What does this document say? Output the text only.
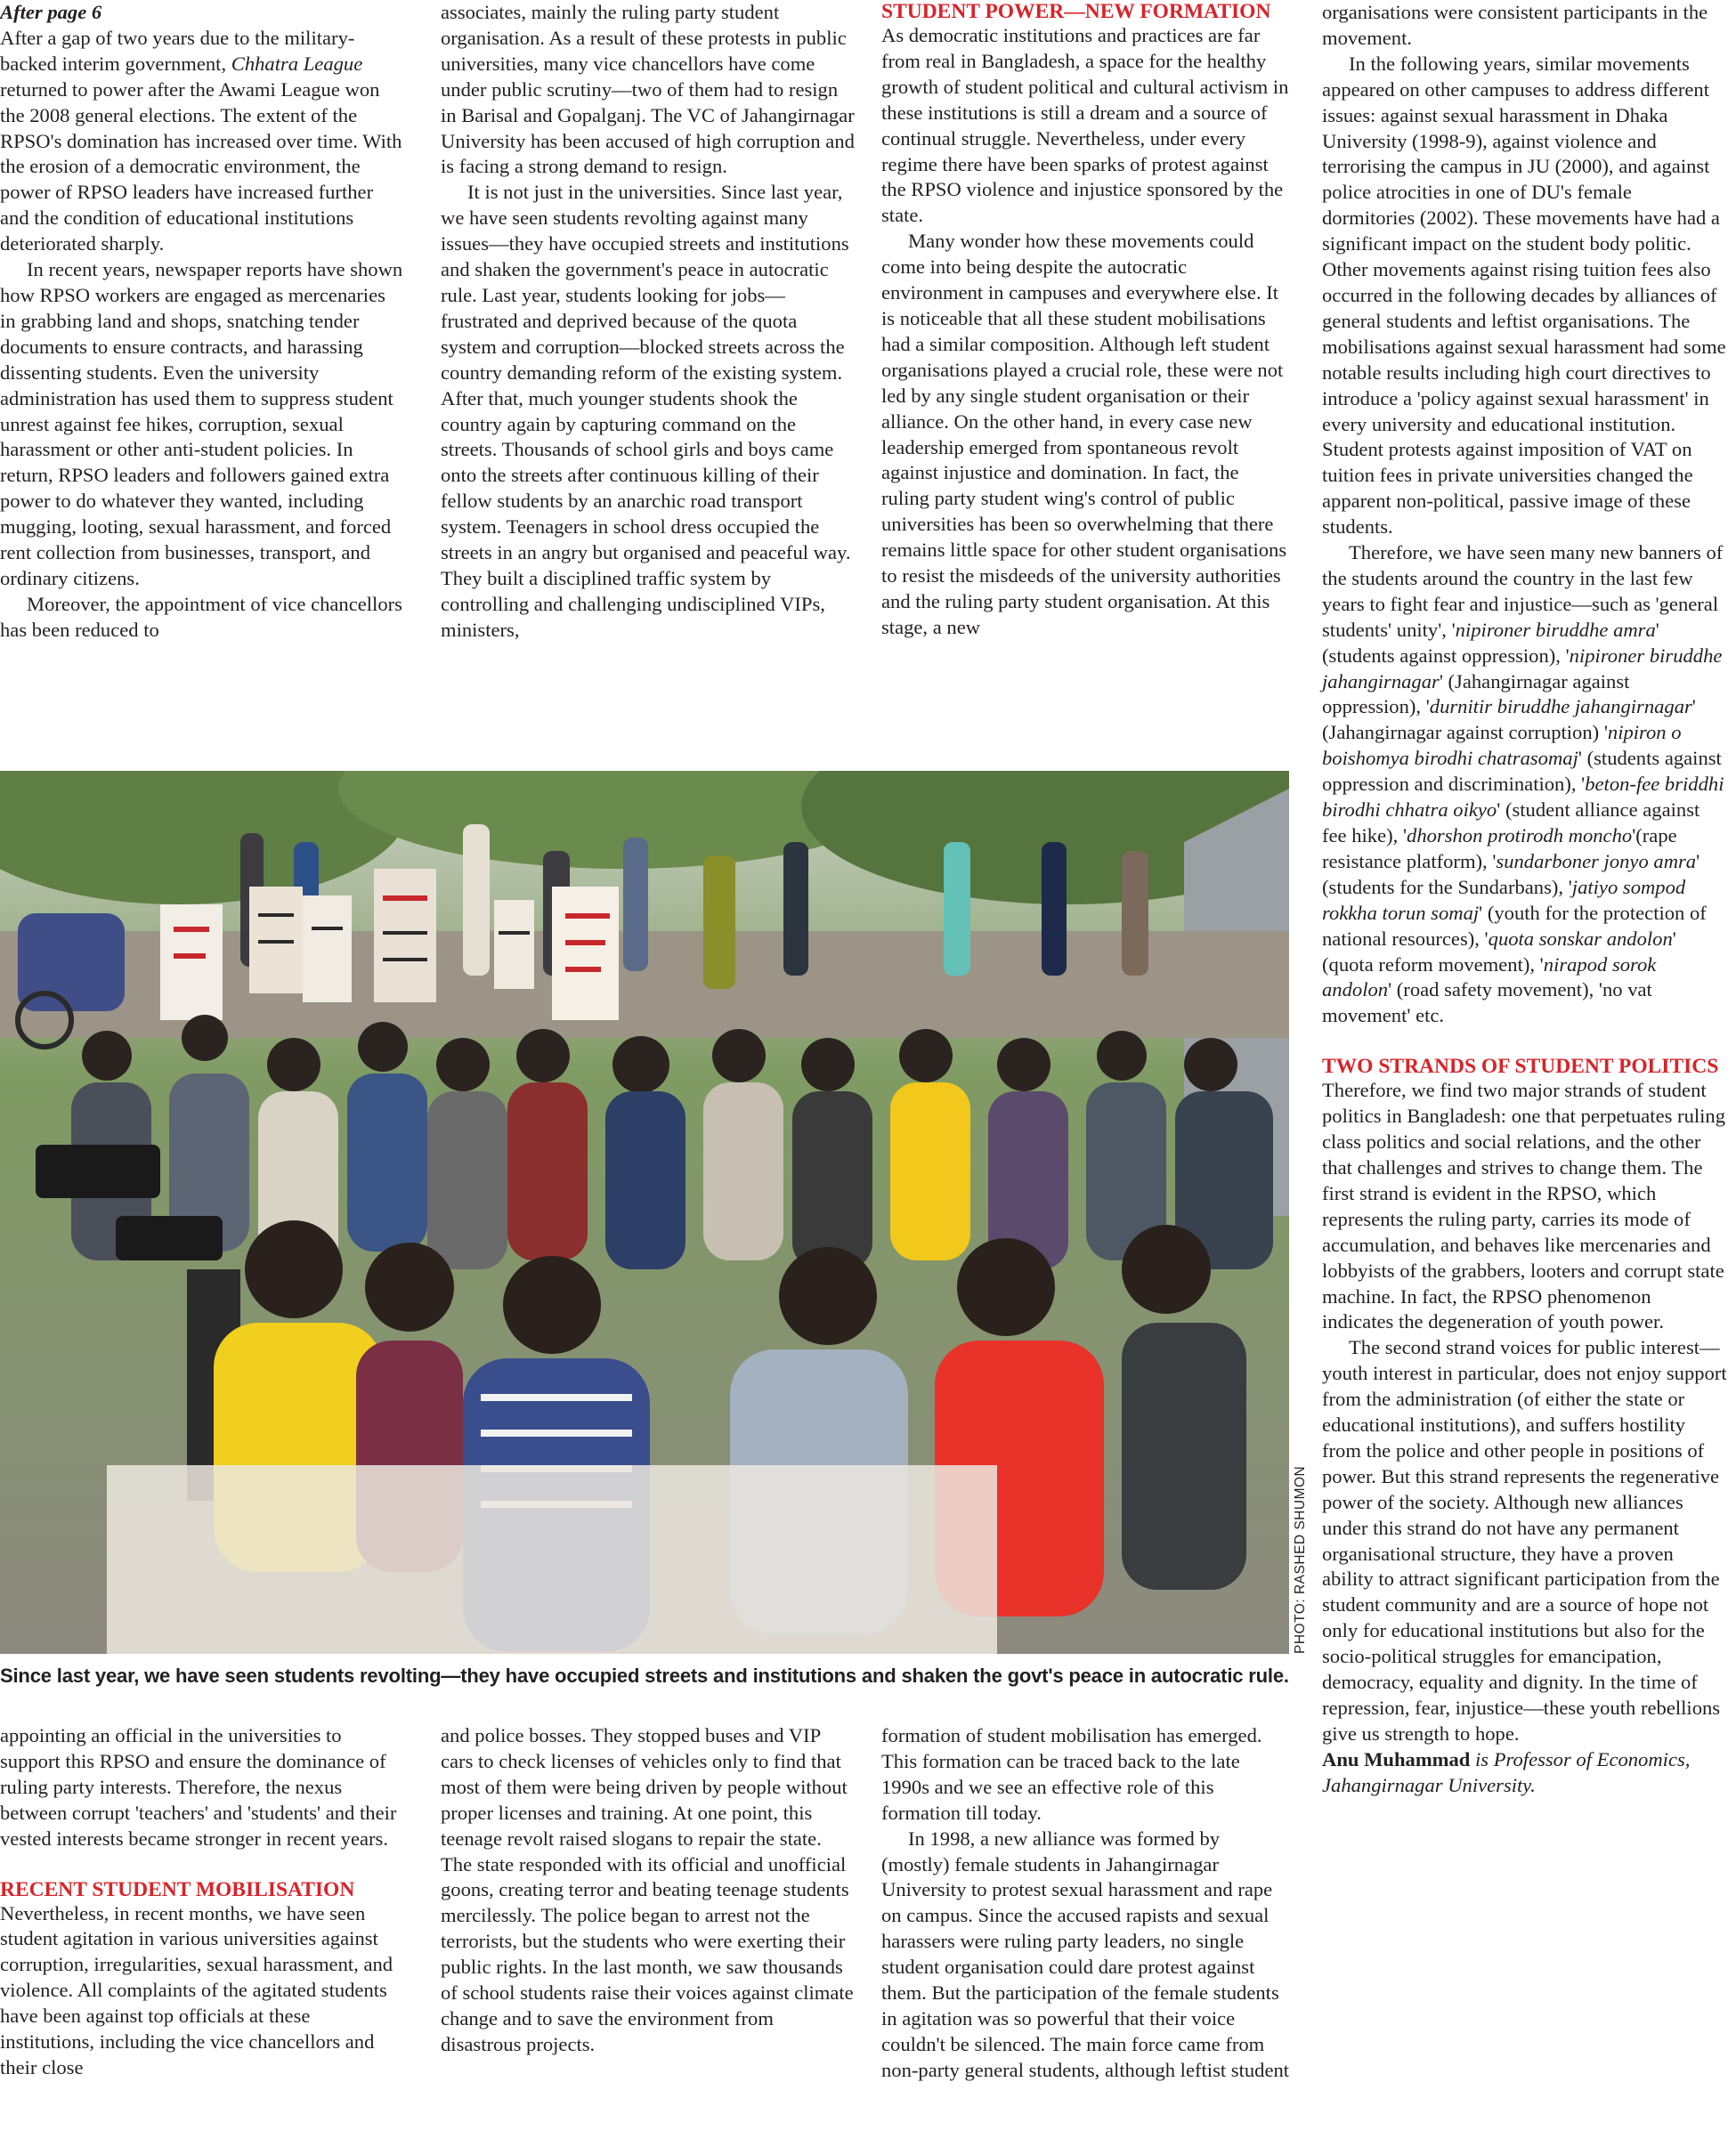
After page 6

After a gap of two years due to the military-backed interim government, Chhatra League returned to power after the Awami League won the 2008 general elections. The extent of the RPSO's domination has increased over time. With the erosion of a democratic environment, the power of RPSO leaders have increased further and the condition of educational institutions deteriorated sharply.

In recent years, newspaper reports have shown how RPSO workers are engaged as mercenaries in grabbing land and shops, snatching tender documents to ensure contracts, and harassing dissenting students. Even the university administration has used them to suppress student unrest against fee hikes, corruption, sexual harassment or other anti-student policies. In return, RPSO leaders and followers gained extra power to do whatever they wanted, including mugging, looting, sexual harassment, and forced rent collection from businesses, transport, and ordinary citizens.

Moreover, the appointment of vice chancellors has been reduced to

associates, mainly the ruling party student organisation. As a result of these protests in public universities, many vice chancellors have come under public scrutiny—two of them had to resign in Barisal and Gopalganj. The VC of Jahangirnagar University has been accused of high corruption and is facing a strong demand to resign.

It is not just in the universities. Since last year, we have seen students revolting against many issues—they have occupied streets and institutions and shaken the government's peace in autocratic rule. Last year, students looking for jobs—frustrated and deprived because of the quota system and corruption—blocked streets across the country demanding reform of the existing system. After that, much younger students shook the country again by capturing command on the streets. Thousands of school girls and boys came onto the streets after continuous killing of their fellow students by an anarchic road transport system. Teenagers in school dress occupied the streets in an angry but organised and peaceful way. They built a disciplined traffic system by controlling and challenging undisciplined VIPs, ministers,

STUDENT POWER—NEW FORMATION

As democratic institutions and practices are far from real in Bangladesh, a space for the healthy growth of student political and cultural activism in these institutions is still a dream and a source of continual struggle. Nevertheless, under every regime there have been sparks of protest against the RPSO violence and injustice sponsored by the state.

Many wonder how these movements could come into being despite the autocratic environment in campuses and everywhere else. It is noticeable that all these student mobilisations had a similar composition. Although left student organisations played a crucial role, these were not led by any single student organisation or their alliance. On the other hand, in every case new leadership emerged from spontaneous revolt against injustice and domination. In fact, the ruling party student wing's control of public universities has been so overwhelming that there remains little space for other student organisations to resist the misdeeds of the university authorities and the ruling party student organisation. At this stage, a new

organisations were consistent participants in the movement.

In the following years, similar movements appeared on other campuses to address different issues: against sexual harassment in Dhaka University (1998-9), against violence and terrorising the campus in JU (2000), and against police atrocities in one of DU's female dormitories (2002). These movements have had a significant impact on the student body politic. Other movements against rising tuition fees also occurred in the following decades by alliances of general students and leftist organisations. The mobilisations against sexual harassment had some notable results including high court directives to introduce a 'policy against sexual harassment' in every university and educational institution. Student protests against imposition of VAT on tuition fees in private universities changed the apparent non-political, passive image of these students.

Therefore, we have seen many new banners of the students around the country in the last few years to fight fear and injustice—such as 'general students' unity', 'nipironer biruddhe amra' (students against oppression), 'nipironer biruddhe jahangirnagar' (Jahangirnagar against oppression), 'durnitir biruddhe jahangirnagar' (Jahangirnagar against corruption) 'nipiron o boishomya birodhi chatrasomaj' (students against oppression and discrimination), 'beton-fee briddhi birodhi chhatra oikyo' (student alliance against fee hike), 'dhorshon protirodh moncho'(rape resistance platform), 'sundarboner jonyo amra' (students for the Sundarbans), 'jatiyo sompod rokkha torun somaj' (youth for the protection of national resources), 'quota sonskar andolon' (quota reform movement), 'nirapod sorok andolon' (road safety movement), 'no vat movement' etc.

TWO STRANDS OF STUDENT POLITICS

Therefore, we find two major strands of student politics in Bangladesh: one that perpetuates ruling class politics and social relations, and the other that challenges and strives to change them. The first strand is evident in the RPSO, which represents the ruling party, carries its mode of accumulation, and behaves like mercenaries and lobbyists of the grabbers, looters and corrupt state machine. In fact, the RPSO phenomenon indicates the degeneration of youth power.

The second strand voices for public interest—youth interest in particular, does not enjoy support from the administration (of either the state or educational institutions), and suffers hostility from the police and other people in positions of power. But this strand represents the regenerative power of the society. Although new alliances under this strand do not have any permanent organisational structure, they have a proven ability to attract significant participation from the student community and are a source of hope not only for educational institutions but also for the socio-political struggles for emancipation, democracy, equality and dignity. In the time of repression, fear, injustice—these youth rebellions give us strength to hope.

Anu Muhammad is Professor of Economics, Jahangirnagar University.

PHOTO: RASHED SHUMON
Since last year, we have seen students revolting—they have occupied streets and institutions and shaken the govt's peace in autocratic rule.

appointing an official in the universities to support this RPSO and ensure the dominance of ruling party interests. Therefore, the nexus between corrupt 'teachers' and 'students' and their vested interests became stronger in recent years.

RECENT STUDENT MOBILISATION

Nevertheless, in recent months, we have seen student agitation in various universities against corruption, irregularities, sexual harassment, and violence. All complaints of the agitated students have been against top officials at these institutions, including the vice chancellors and their close

and police bosses. They stopped buses and VIP cars to check licenses of vehicles only to find that most of them were being driven by people without proper licenses and training. At one point, this teenage revolt raised slogans to repair the state. The state responded with its official and unofficial goons, creating terror and beating teenage students mercilessly. The police began to arrest not the terrorists, but the students who were exerting their public rights. In the last month, we saw thousands of school students raise their voices against climate change and to save the environment from disastrous projects.

formation of student mobilisation has emerged. This formation can be traced back to the late 1990s and we see an effective role of this formation till today.

In 1998, a new alliance was formed by (mostly) female students in Jahangirnagar University to protest sexual harassment and rape on campus. Since the accused rapists and sexual harassers were ruling party leaders, no single student organisation could dare protest against them. But the participation of the female students in agitation was so powerful that their voice couldn't be silenced. The main force came from non-party general students, although leftist student
